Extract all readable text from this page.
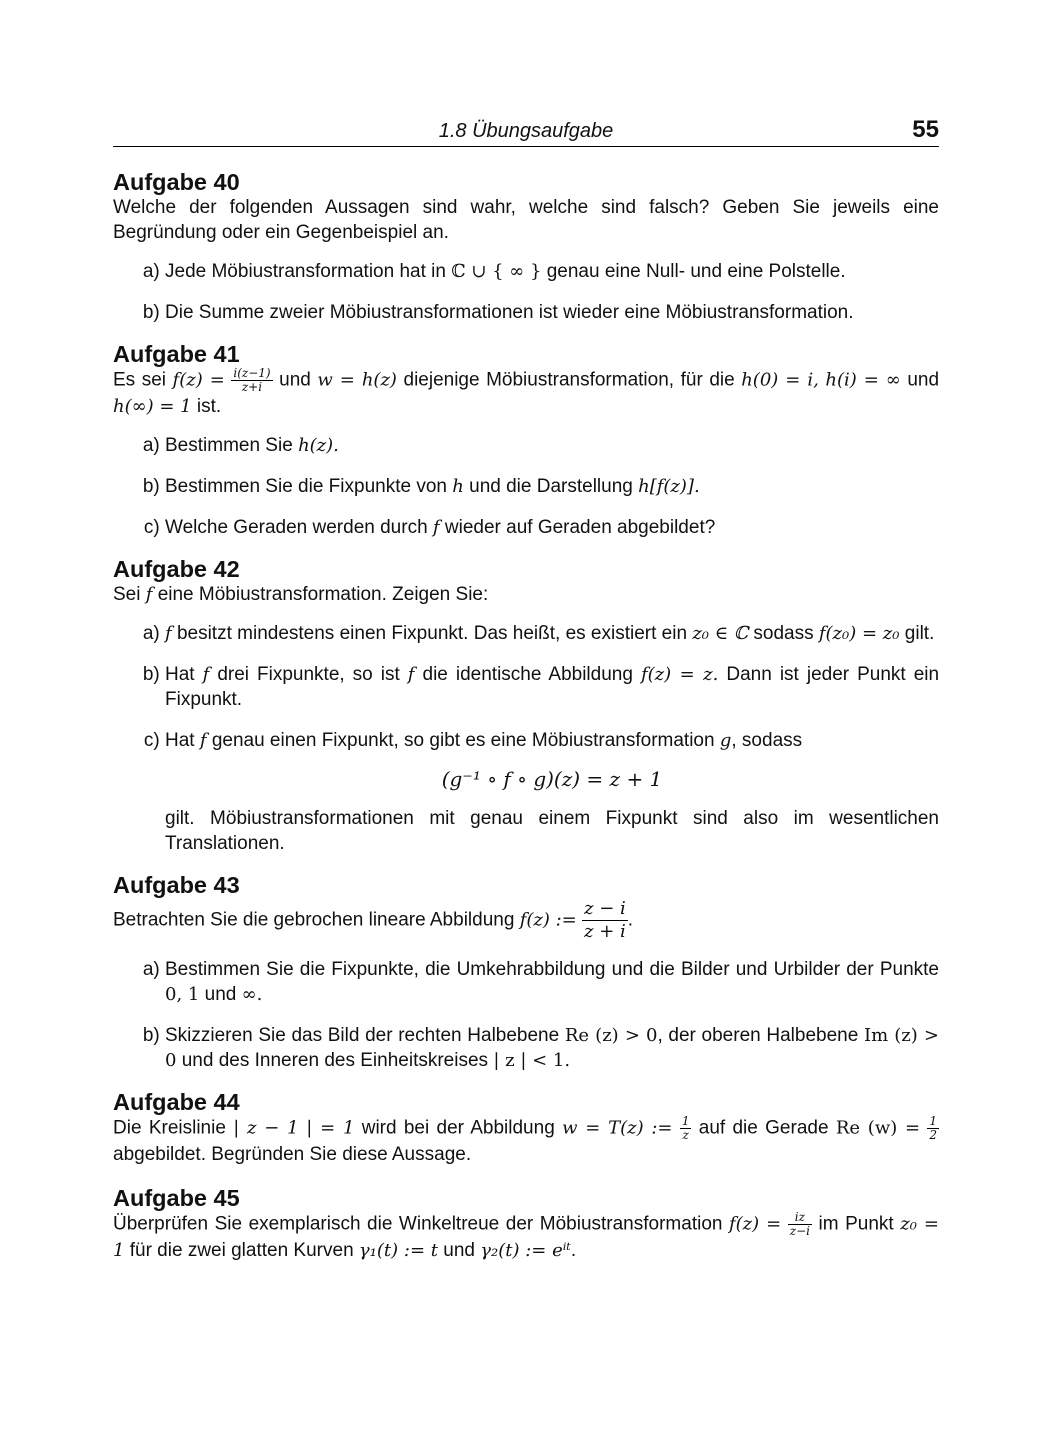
1.8 Übungsaufgabe	55
Aufgabe 40

Welche der folgenden Aussagen sind wahr, welche sind falsch? Geben Sie jeweils eine Begründung oder ein Gegenbeispiel an.

a) Jede Möbiustransformation hat in ℂ ∪ { ∞ } genau eine Null- und eine Polstelle.
b) Die Summe zweier Möbiustransformationen ist wieder eine Möbiustransformation.
Aufgabe 41

Es sei $f(z) = \frac{i(z-1)}{z+i}$ und w = h(z) diejenige Möbiustransformation, für die h(0) = i, h(i) = ∞ und h(∞) = 1 ist.

a) Bestimmen Sie h(z).
b) Bestimmen Sie die Fixpunkte von h und die Darstellung h[f(z)].
c) Welche Geraden werden durch f wieder auf Geraden abgebildet?
Aufgabe 42

Sei f eine Möbiustransformation. Zeigen Sie:

a) f besitzt mindestens einen Fixpunkt. Das heißt, es existiert ein z₀ ∈ ℂ sodass f(z₀) = z₀ gilt.
b) Hat f drei Fixpunkte, so ist f die identische Abbildung f(z) = z. Dann ist jeder Punkt ein Fixpunkt.
c) Hat f genau einen Fixpunkt, so gibt es eine Möbiustransformation g, sodass
(g⁻¹ ∘ f ∘ g)(z) = z + 1
gilt. Möbiustransformationen mit genau einem Fixpunkt sind also im wesentlichen Translationen.
Aufgabe 43

Betrachten Sie die gebrochen lineare Abbildung f(z) := $\frac{z - i}{z + i}$ .

a) Bestimmen Sie die Fixpunkte, die Umkehrabbildung und die Bilder und Urbilder der Punkte 0, 1 und ∞.
b) Skizzieren Sie das Bild der rechten Halbebene Re (z) > 0, der oberen Halbebene Im (z) > 0 und des Inneren des Einheitskreises | z | < 1.
Aufgabe 44

Die Kreislinie | z − 1 | = 1 wird bei der Abbildung w = T(z) := $\frac{1}{z}$ auf die Gerade Re $(w) = \frac{1}{2}$
abgebildet. Begründen Sie diese Aussage.

Aufgabe 45

Überprüfen Sie exemplarisch die Winkeltreue der Möbiustransformation $f(z) = \frac{iz}{z-i}$ im Punkt z₀ = 1 für die zwei glatten Kurven γ₁(t) := t und γ₂(t) := eⁱᵗ.
